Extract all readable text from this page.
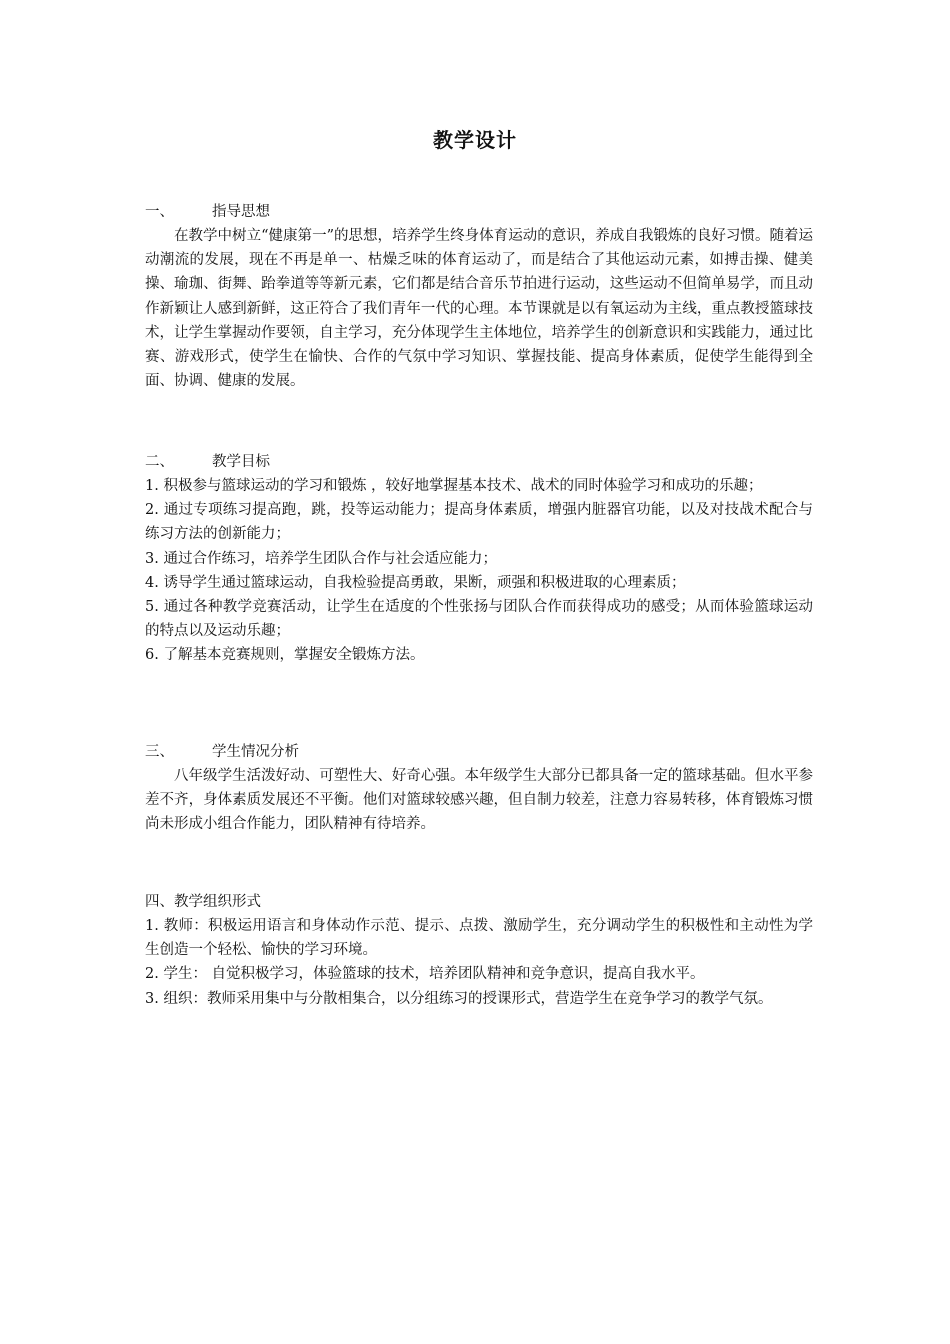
教学设计
一、	指导思想

在教学中树立“健康第一”的思想，培养学生终身体育运动的意识，养成自我锻炼的良好习惯。随着运动潮流的发展，现在不再是单一、枯燥乏味的体育运动了，而是结合了其他运动元素，如搏击操、健美操、瑜珈、街舞、跆拳道等等新元素，它们都是结合音乐节拍进行运动，这些运动不但简单易学，而且动作新颖让人感到新鲜，这正符合了我们青年一代的心理。本节课就是以有氧运动为主线，重点教授篮球技术，让学生掌握动作要领，自主学习，充分体现学生主体地位，培养学生的创新意识和实践能力，通过比赛、游戏形式，使学生在愉快、合作的气氛中学习知识、掌握技能、提高身体素质，促使学生能得到全面、协调、健康的发展。

二、	教学目标
1. 积极参与篮球运动的学习和锻炼 ，较好地掌握基本技术、战术的同时体验学习和成功的乐趣；
2. 通过专项练习提高跑，跳，投等运动能力；提高身体素质，增强内脏器官功能，以及对技战术配合与练习方法的创新能力；
3. 通过合作练习，培养学生团队合作与社会适应能力；
4. 诱导学生通过篮球运动，自我检验提高勇敢，果断，顽强和积极进取的心理素质；
5. 通过各种教学竞赛活动，让学生在适度的个性张扬与团队合作而获得成功的感受；从而体验篮球运动的特点以及运动乐趣；
6. 了解基本竞赛规则，掌握安全锻炼方法。
三、	学生情况分析

八年级学生活泼好动、可塑性大、好奇心强。本年级学生大部分已都具备一定的篮球基础。但水平参差不齐，身体素质发展还不平衡。他们对篮球较感兴趣，但自制力较差，注意力容易转移，体育锻炼习惯尚未形成小组合作能力，团队精神有待培养。

四、教学组织形式
1. 教师：积极运用语言和身体动作示范、提示、点拨、激励学生，充分调动学生的积极性和主动性为学生创造一个轻松、愉快的学习环境。
2. 学生： 自觉积极学习，体验篮球的技术，培养团队精神和竞争意识，提高自我水平。
3. 组织：教师采用集中与分散相集合，以分组练习的授课形式，营造学生在竞争学习的教学气氛。
